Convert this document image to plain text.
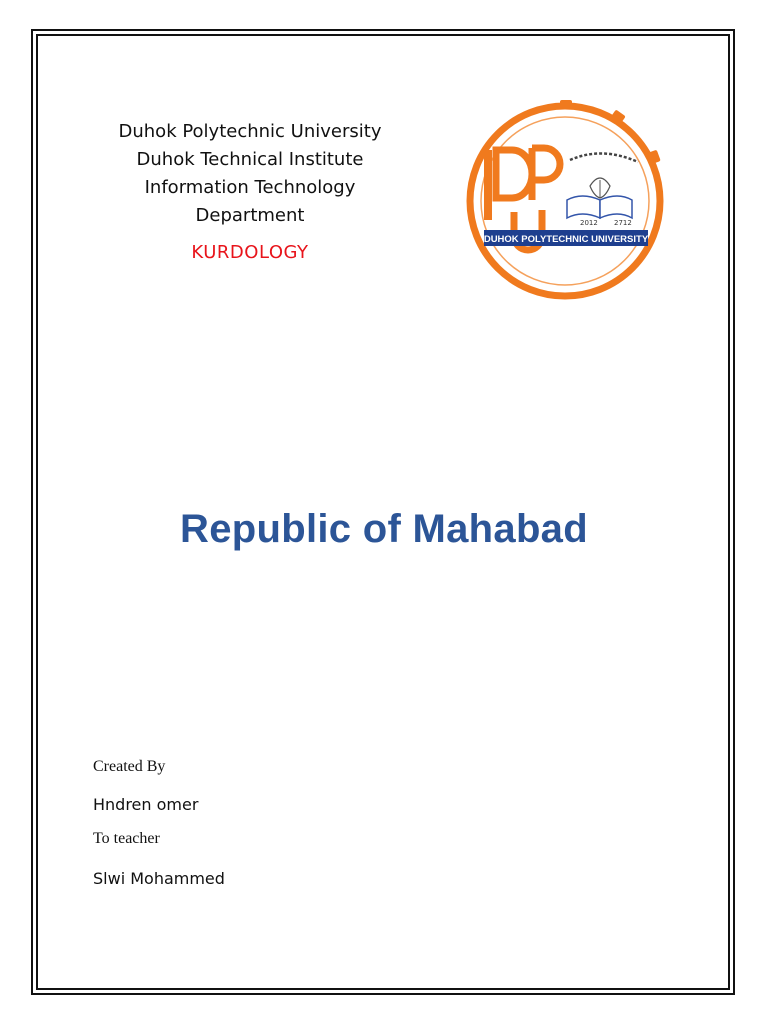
Duhok Polytechnic University
Duhok Technical Institute
Information Technology
Department
KURDOLOGY
2012 2712
DUHOK POLYTECHNIC UNIVERSITY
Republic of Mahabad
Created By
Hndren omer
To teacher
Slwi Mohammed
